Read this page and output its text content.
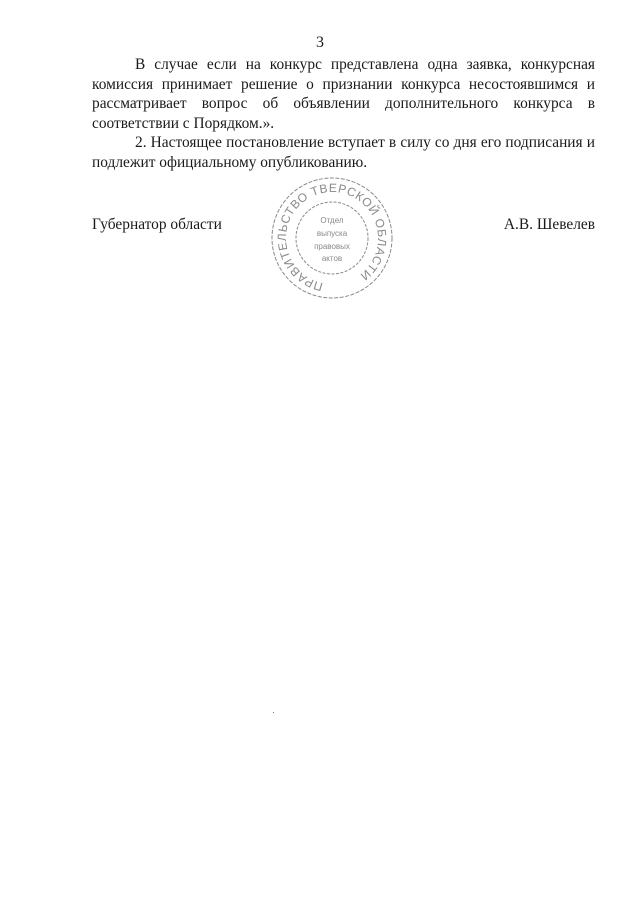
3

В случае если на конкурс представлена одна заявка, конкурсная комиссия принимает решение о признании конкурса несостоявшимся и рассматривает вопрос об объявлении дополнительного конкурса в соответствии с Порядком.».

2. Настоящее постановление вступает в силу со дня его подписания и подлежит официальному опубликованию.

Губернатор области	А.В. Шевелев
ПРАВИТЕЛЬСТВО ТВЕРСКОЙ ОБЛАСТИ
Отдел
выпуска
правовых
актов
